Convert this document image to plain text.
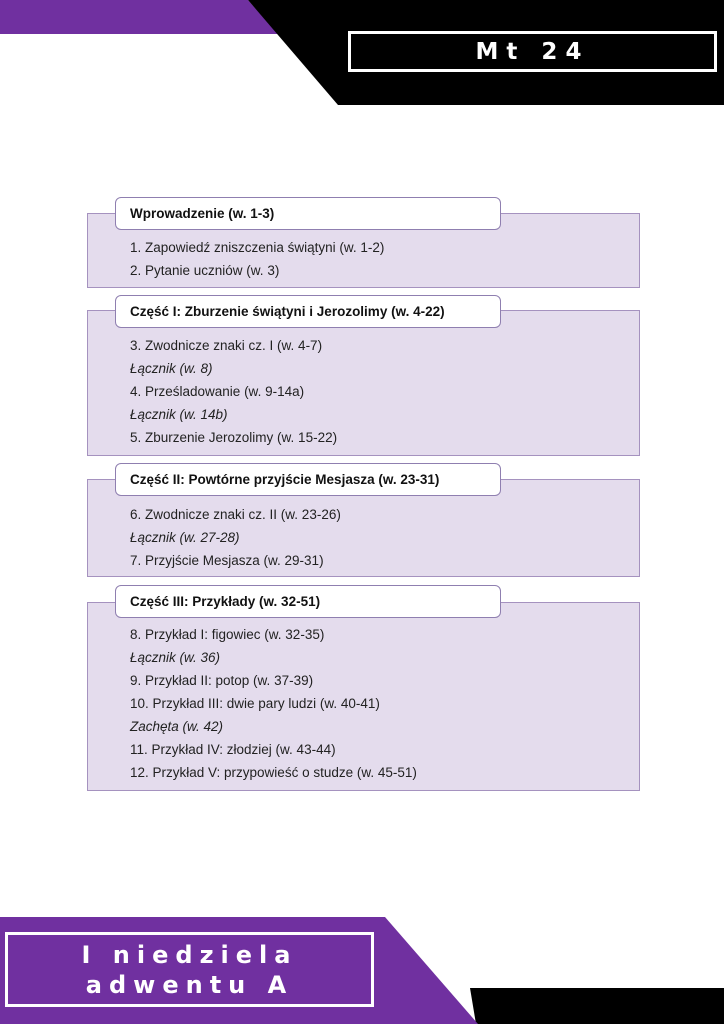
Mt 24
I niedziela
adwentu A
Wprowadzenie (w. 1-3)
1. Zapowiedź zniszczenia świątyni (w. 1-2)
2. Pytanie uczniów (w. 3)
Część I: Zburzenie świątyni i Jerozolimy (w. 4-22)
3. Zwodnicze znaki cz. I (w. 4-7)
Łącznik (w. 8)
4. Prześladowanie (w. 9-14a)
Łącznik (w. 14b)
5. Zburzenie Jerozolimy (w. 15-22)
Część II: Powtórne przyjście Mesjasza (w. 23-31)
6. Zwodnicze znaki cz. II (w. 23-26)
Łącznik (w. 27-28)
7. Przyjście Mesjasza (w. 29-31)
Część III: Przykłady (w. 32-51)
8. Przykład I: figowiec (w. 32-35)
Łącznik (w. 36)
9. Przykład II: potop (w. 37-39)
10. Przykład III: dwie pary ludzi (w. 40-41)
Zachęta (w. 42)
11. Przykład IV: złodziej (w. 43-44)
12. Przykład V: przypowieść o studze (w. 45-51)
